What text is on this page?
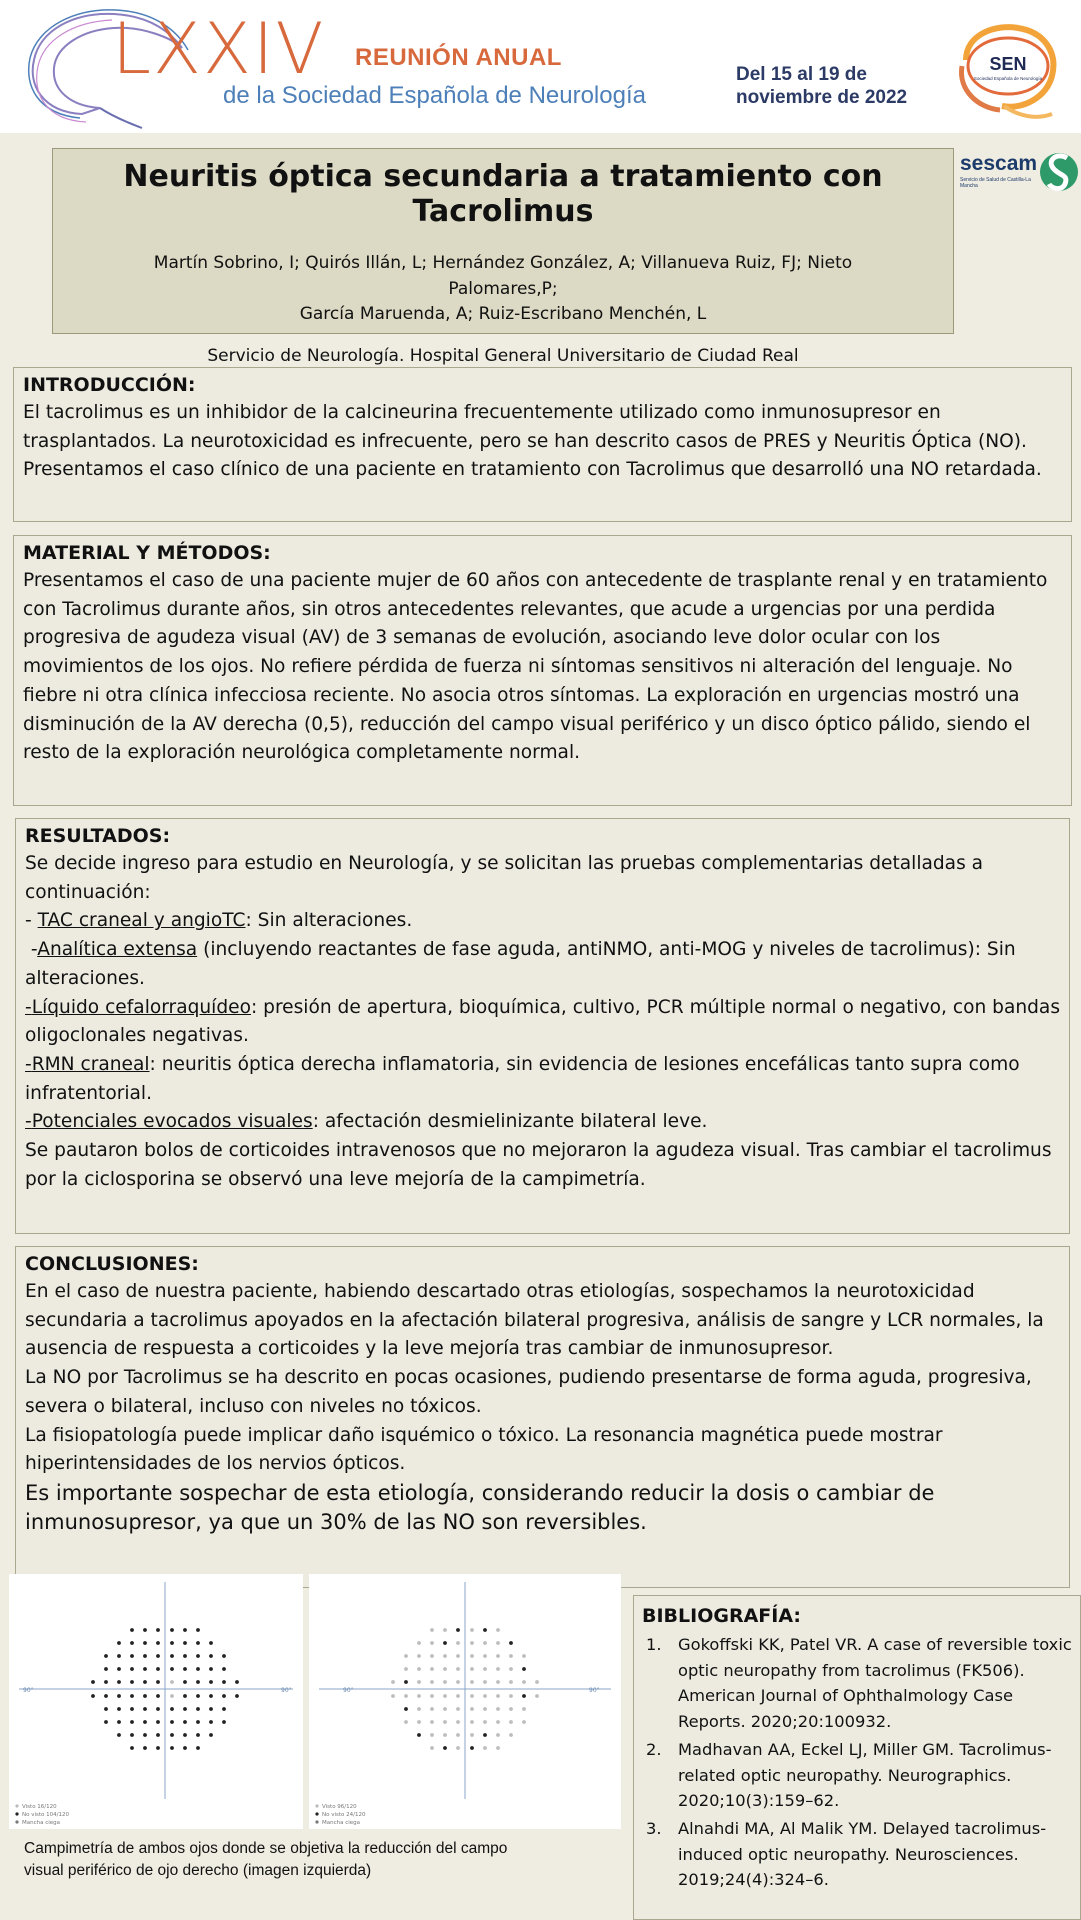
LXXIV REUNIÓN ANUAL
de la Sociedad Española de Neurología
Del 15 al 19 de
noviembre de 2022
SEN
Sociedad Española de Neurología
Neuritis óptica secundaria a tratamiento con Tacrolimus
Martín Sobrino, I; Quirós Illán, L; Hernández González, A; Villanueva Ruiz, FJ; Nieto Palomares,P;
García Maruenda, A; Ruiz-Escribano Menchén, L
Servicio de Neurología. Hospital General Universitario de Ciudad Real
sescam
Servicio de Salud de Castilla-La Mancha
INTRODUCCIÓN:

El tacrolimus es un inhibidor de la calcineurina frecuentemente utilizado como inmunosupresor en trasplantados. La neurotoxicidad es infrecuente, pero se han descrito casos de PRES y Neuritis Óptica (NO). Presentamos el caso clínico de una paciente en tratamiento con Tacrolimus que desarrolló una NO retardada.

MATERIAL Y MÉTODOS:

Presentamos el caso de una paciente mujer de 60 años con antecedente de trasplante renal y en tratamiento con Tacrolimus durante años, sin otros antecedentes relevantes, que acude a urgencias por una perdida progresiva de agudeza visual (AV) de 3 semanas de evolución, asociando leve dolor ocular con los movimientos de los ojos. No refiere pérdida de fuerza ni síntomas sensitivos ni alteración del lenguaje. No fiebre ni otra clínica infecciosa reciente. No asocia otros síntomas. La exploración en urgencias mostró una disminución de la AV derecha (0,5), reducción del campo visual periférico y un disco óptico pálido, siendo el resto de la exploración neurológica completamente normal.

RESULTADOS:

Se decide ingreso para estudio en Neurología, y se solicitan las pruebas complementarias detalladas a continuación:

- TAC craneal y angioTC: Sin alteraciones.

-Analítica extensa (incluyendo reactantes de fase aguda, antiNMO, anti-MOG y niveles de tacrolimus): Sin alteraciones.

-Líquido cefalorraquídeo: presión de apertura, bioquímica, cultivo, PCR múltiple normal o negativo, con bandas oligoclonales negativas.

-RMN craneal: neuritis óptica derecha inflamatoria, sin evidencia de lesiones encefálicas tanto supra como infratentorial.

-Potenciales evocados visuales: afectación desmielinizante bilateral leve.

Se pautaron bolos de corticoides intravenosos que no mejoraron la agudeza visual. Tras cambiar el tacrolimus por la ciclosporina se observó una leve mejoría de la campimetría.

CONCLUSIONES:

En el caso de nuestra paciente, habiendo descartado otras etiologías, sospechamos la neurotoxicidad secundaria a tacrolimus apoyados en la afectación bilateral progresiva, análisis de sangre y LCR normales, la ausencia de respuesta a corticoides y la leve mejoría tras cambiar de inmunosupresor.

La NO por Tacrolimus se ha descrito en pocas ocasiones, pudiendo presentarse de forma aguda, progresiva, severa o bilateral, incluso con niveles no tóxicos.

La fisiopatología puede implicar daño isquémico o tóxico. La resonancia magnética puede mostrar hiperintensidades de los nervios ópticos.

Es importante sospechar de esta etiología, considerando reducir la dosis o cambiar de inmunosupresor, ya que un 30% de las NO son reversibles.

90°	90°
Visto 16/120
No visto 104/120
Mancha ciega
90°	90°
Visto 96/120
No visto 24/120
Mancha ciega
Campimetría de ambos ojos donde se objetiva la reducción del campo visual periférico de ojo derecho (imagen izquierda)
BIBLIOGRAFÍA:
1. Gokoffski KK, Patel VR. A case of reversible toxic optic neuropathy from tacrolimus (FK506). American Journal of Ophthalmology Case Reports. 2020;20:100932.
2. Madhavan AA, Eckel LJ, Miller GM. Tacrolimus-related optic neuropathy. Neurographics. 2020;10(3):159–62.
3. Alnahdi MA, Al Malik YM. Delayed tacrolimus-induced optic neuropathy. Neurosciences. 2019;24(4):324–6.
